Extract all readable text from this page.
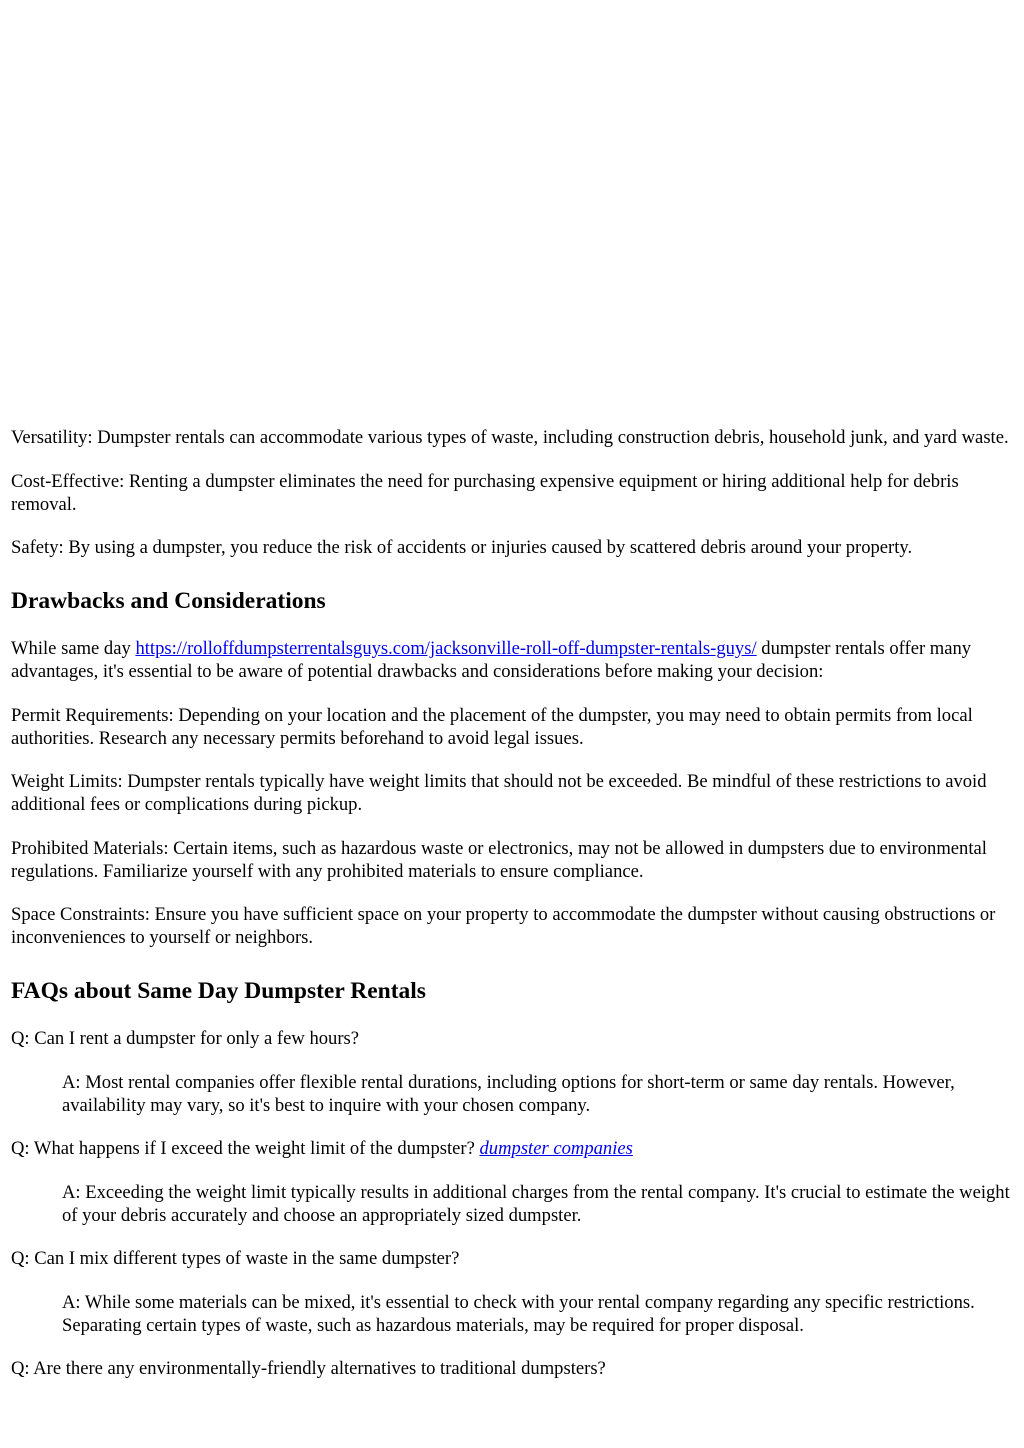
Versatility: Dumpster rentals can accommodate various types of waste, including construction debris, household junk, and yard waste.

Cost-Effective: Renting a dumpster eliminates the need for purchasing expensive equipment or hiring additional help for debris removal.

Safety: By using a dumpster, you reduce the risk of accidents or injuries caused by scattered debris around your property.

Drawbacks and Considerations

While same day https://rolloffdumpsterrentalsguys.com/jacksonville-roll-off-dumpster-rentals-guys/ dumpster rentals offer many advantages, it's essential to be aware of potential drawbacks and considerations before making your decision:

Permit Requirements: Depending on your location and the placement of the dumpster, you may need to obtain permits from local authorities. Research any necessary permits beforehand to avoid legal issues.

Weight Limits: Dumpster rentals typically have weight limits that should not be exceeded. Be mindful of these restrictions to avoid additional fees or complications during pickup.

Prohibited Materials: Certain items, such as hazardous waste or electronics, may not be allowed in dumpsters due to environmental regulations. Familiarize yourself with any prohibited materials to ensure compliance.

Space Constraints: Ensure you have sufficient space on your property to accommodate the dumpster without causing obstructions or inconveniences to yourself or neighbors.

FAQs about Same Day Dumpster Rentals

Q: Can I rent a dumpster for only a few hours?

A: Most rental companies offer flexible rental durations, including options for short-term or same day rentals. However, availability may vary, so it's best to inquire with your chosen company.

Q: What happens if I exceed the weight limit of the dumpster? dumpster companies

A: Exceeding the weight limit typically results in additional charges from the rental company. It's crucial to estimate the weight of your debris accurately and choose an appropriately sized dumpster.

Q: Can I mix different types of waste in the same dumpster?

A: While some materials can be mixed, it's essential to check with your rental company regarding any specific restrictions. Separating certain types of waste, such as hazardous materials, may be required for proper disposal.

Q: Are there any environmentally-friendly alternatives to traditional dumpsters?
